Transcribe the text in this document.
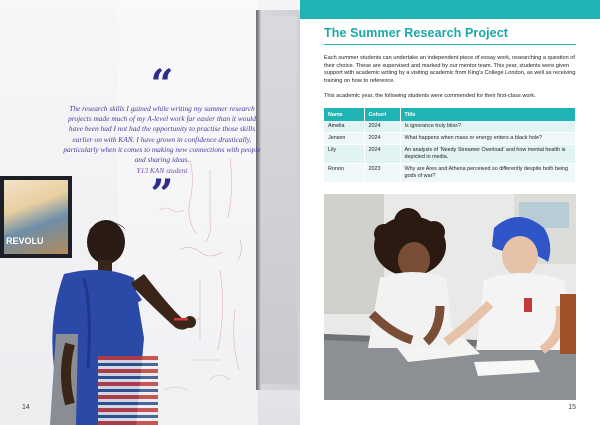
REVOLU
“
The research skills I gained while writing my summer research projects made much of my A-level work far easier than it would have been had I not had the opportunity to practise those skills earlier on with KAN. I have grown in confidence drastically, particularly when it comes to making new connections with people and sharing ideas.
Y13 KAN student
”
14
The Summer Research Project

Each summer students can undertake an independent piece of essay work, researching a question of their choice. These are supervised and marked by our mentor team. This year, students were given support with academic writing by a visiting academic from King’s College London, as well as receiving training on how to reference.

This academic year, the following students were commended for their first-class work.

Name	Cohort	Title
Amelia	2024	Is ignorance truly bliss?
Jensen	2024	What happens when mass or energy enters a black hole?
Lily	2024	An analysis of ‘Needy Streamer Overload’ and how mental health is depicted in media.
Ronon	2023	Why are Ares and Athena perceived so differently despite both being gods of war?
15
